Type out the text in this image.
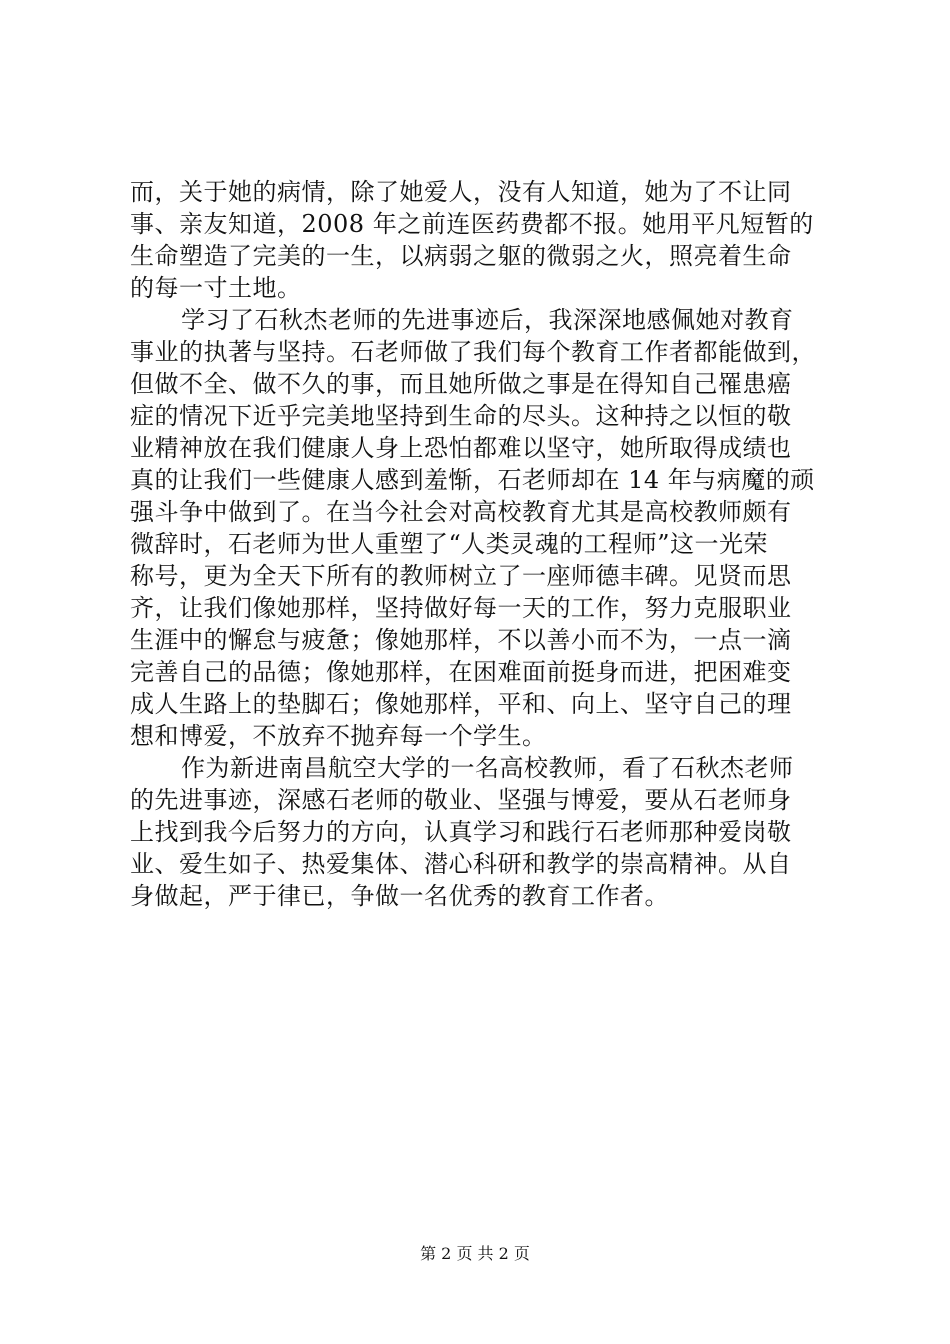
而，关于她的病情，除了她爱人，没有人知道，她为了不让同
事、亲友知道，2008 年之前连医药费都不报。她用平凡短暂的
生命塑造了完美的一生，以病弱之躯的微弱之火，照亮着生命
的每一寸土地。
学习了石秋杰老师的先进事迹后，我深深地感佩她对教育
事业的执著与坚持。石老师做了我们每个教育工作者都能做到，
但做不全、做不久的事，而且她所做之事是在得知自己罹患癌
症的情况下近乎完美地坚持到生命的尽头。这种持之以恒的敬
业精神放在我们健康人身上恐怕都难以坚守，她所取得成绩也
真的让我们一些健康人感到羞惭，石老师却在 14 年与病魔的顽
强斗争中做到了。在当今社会对高校教育尤其是高校教师颇有
微辞时，石老师为世人重塑了“人类灵魂的工程师”这一光荣
称号，更为全天下所有的教师树立了一座师德丰碑。见贤而思
齐，让我们像她那样，坚持做好每一天的工作，努力克服职业
生涯中的懈怠与疲惫；像她那样，不以善小而不为，一点一滴
完善自己的品德；像她那样，在困难面前挺身而进，把困难变
成人生路上的垫脚石；像她那样，平和、向上、坚守自己的理
想和博爱，不放弃不抛弃每一个学生。
作为新进南昌航空大学的一名高校教师，看了石秋杰老师
的先进事迹，深感石老师的敬业、坚强与博爱，要从石老师身
上找到我今后努力的方向，认真学习和践行石老师那种爱岗敬
业、爱生如子、热爱集体、潜心科研和教学的崇高精神。从自
身做起，严于律已，争做一名优秀的教育工作者。
第 2 页 共 2 页
